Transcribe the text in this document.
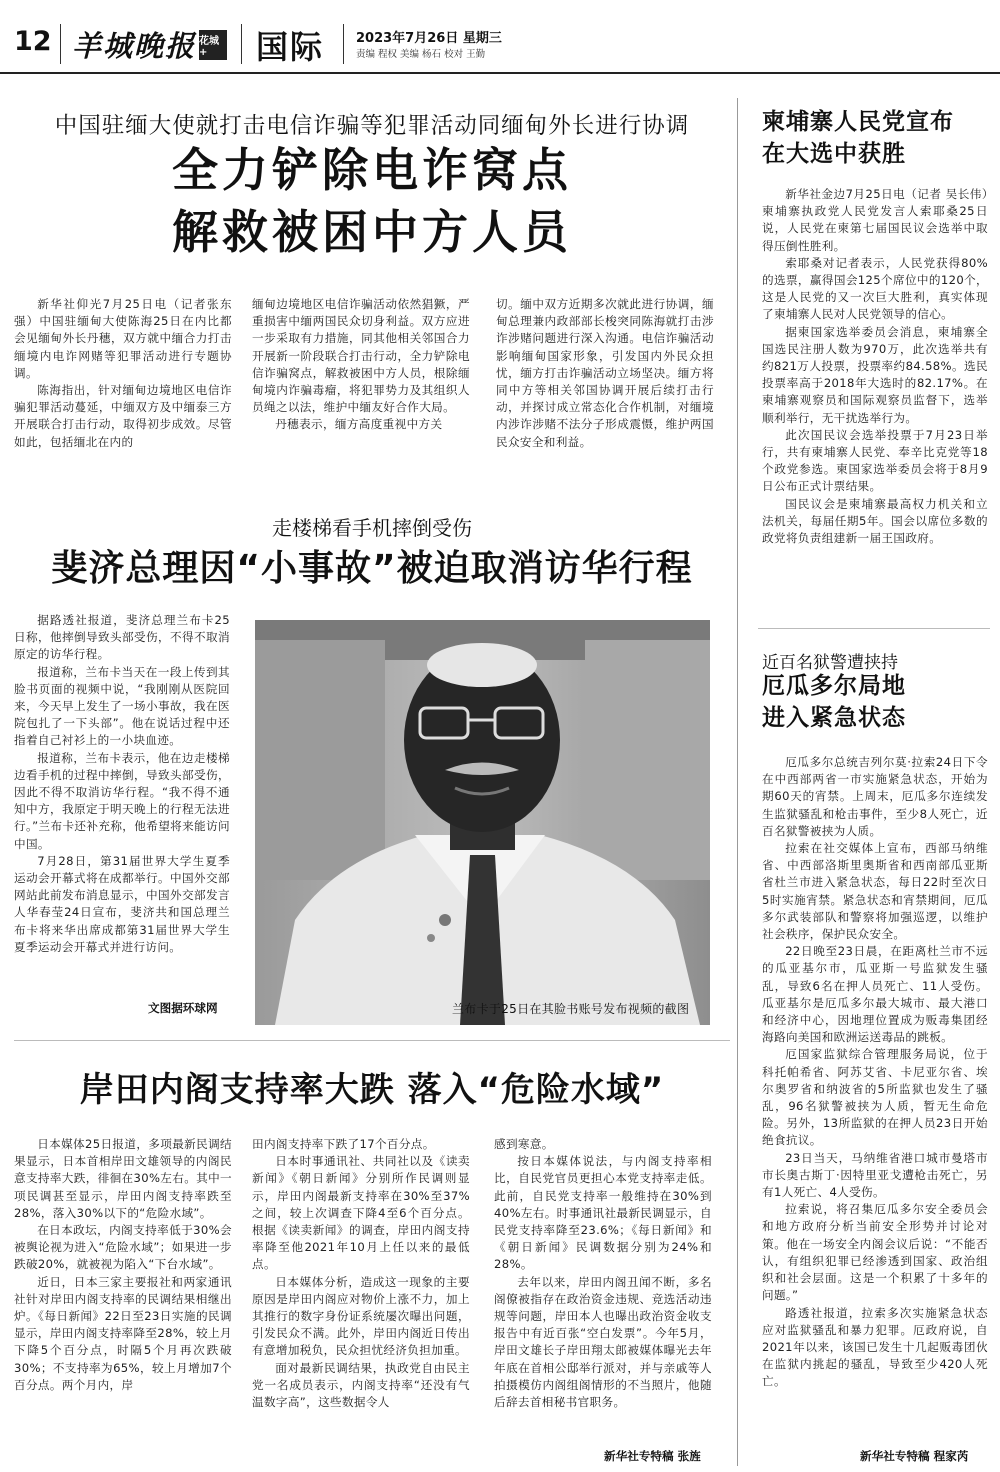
12 羊城晚报 花城+	国际 2023年7月26日 星期三
责编 程权 美编 杨石 校对 王勤
中国驻缅大使就打击电信诈骗等犯罪活动同缅甸外长进行协调
全力铲除电诈窝点
解救被困中方人员

新华社仰光7月25日电（记者张东强）中国驻缅甸大使陈海25日在内比都会见缅甸外长丹穗，双方就中缅合力打击缅境内电诈网赌等犯罪活动进行专题协调。

陈海指出，针对缅甸边境地区电信诈骗犯罪活动蔓延，中缅双方及中缅泰三方开展联合打击行动，取得初步成效。尽管如此，包括缅北在内的

缅甸边境地区电信诈骗活动依然猖獗，严重损害中缅两国民众切身利益。双方应进一步采取有力措施，同其他相关邻国合力开展新一阶段联合打击行动，全力铲除电信诈骗窝点，解救被困中方人员，根除缅甸境内诈骗毒瘤，将犯罪势力及其组织人员绳之以法，维护中缅友好合作大局。

丹穗表示，缅方高度重视中方关

切。缅中双方近期多次就此进行协调，缅甸总理兼内政部部长梭突同陈海就打击涉诈涉赌问题进行深入沟通。电信诈骗活动影响缅甸国家形象，引发国内外民众担忧，缅方打击诈骗活动立场坚决。缅方将同中方等相关邻国协调开展后续打击行动，并探讨成立常态化合作机制，对缅境内涉诈涉赌不法分子形成震慑，维护两国民众安全和利益。

走楼梯看手机摔倒受伤
斐济总理因“小事故”被迫取消访华行程

据路透社报道，斐济总理兰布卡25日称，他摔倒导致头部受伤，不得不取消原定的访华行程。

报道称，兰布卡当天在一段上传到其脸书页面的视频中说，“我刚刚从医院回来，今天早上发生了一场小事故，我在医院包扎了一下头部”。他在说话过程中还指着自己衬衫上的一小块血迹。

报道称，兰布卡表示，他在边走楼梯边看手机的过程中摔倒，导致头部受伤，因此不得不取消访华行程。“我不得不通知中方，我原定于明天晚上的行程无法进行。”兰布卡还补充称，他希望将来能访问中国。

7月28日，第31届世界大学生夏季运动会开幕式将在成都举行。中国外交部网站此前发布消息显示，中国外交部发言人华春莹24日宣布，斐济共和国总理兰布卡将来华出席成都第31届世界大学生夏季运动会开幕式并进行访问。

文图据环球网	兰布卡于25日在其脸书账号发布视频的截图
岸田内阁支持率大跌 落入“危险水域”

日本媒体25日报道，多项最新民调结果显示，日本首相岸田文雄领导的内阁民意支持率大跌，徘徊在30%左右。其中一项民调甚至显示，岸田内阁支持率跌至28%，落入30%以下的“危险水域”。

在日本政坛，内阁支持率低于30%会被舆论视为进入“危险水域”；如果进一步跌破20%，就被视为陷入“下台水域”。

近日，日本三家主要报社和两家通讯社针对岸田内阁支持率的民调结果相继出炉。《每日新闻》22日至23日实施的民调显示，岸田内阁支持率降至28%，较上月下降5个百分点，时隔5个月再次跌破30%；不支持率为65%，较上月增加7个百分点。两个月内，岸

田内阁支持率下跌了17个百分点。

日本时事通讯社、共同社以及《读卖新闻》《朝日新闻》分别所作民调则显示，岸田内阁最新支持率在30%至37%之间，较上次调查下降4至6个百分点。根据《读卖新闻》的调查，岸田内阁支持率降至他2021年10月上任以来的最低点。

日本媒体分析，造成这一现象的主要原因是岸田内阁应对物价上涨不力，加上其推行的数字身份证系统屡次曝出问题，引发民众不满。此外，岸田内阁近日传出有意增加税负，民众担忧经济负担加重。

面对最新民调结果，执政党自由民主党一名成员表示，内阁支持率“还没有气温数字高”，这些数据令人

感到寒意。

按日本媒体说法，与内阁支持率相比，自民党官员更担心本党支持率走低。此前，自民党支持率一般维持在30%到40%左右。时事通讯社最新民调显示，自民党支持率降至23.6%；《每日新闻》和《朝日新闻》民调数据分别为24%和28%。

去年以来，岸田内阁丑闻不断，多名阁僚被指存在政治资金违规、竞选活动违规等问题，岸田本人也曝出政治资金收支报告中有近百张“空白发票”。今年5月，岸田文雄长子岸田翔太郎被媒体曝光去年年底在首相公邸举行派对，并与亲戚等人拍摄模仿内阁组阁情形的不当照片，他随后辞去首相秘书官职务。

新华社专特稿 张旌
柬埔寨人民党宣布
在大选中获胜

新华社金边7月25日电（记者 吴长伟）柬埔寨执政党人民党发言人索耶桑25日说，人民党在柬第七届国民议会选举中取得压倒性胜利。

索耶桑对记者表示，人民党获得80%的选票，赢得国会125个席位中的120个，这是人民党的又一次巨大胜利，真实体现了柬埔寨人民对人民党领导的信心。

据柬国家选举委员会消息，柬埔寨全国选民注册人数为970万，此次选举共有约821万人投票，投票率约84.58%。选民投票率高于2018年大选时的82.17%。在柬埔寨观察员和国际观察员监督下，选举顺利举行，无干扰选举行为。

此次国民议会选举投票于7月23日举行，共有柬埔寨人民党、奉辛比克党等18个政党参选。柬国家选举委员会将于8月9日公布正式计票结果。

国民议会是柬埔寨最高权力机关和立法机关，每届任期5年。国会以席位多数的政党将负责组建新一届王国政府。

近百名狱警遭挟持
厄瓜多尔局地
进入紧急状态

厄瓜多尔总统吉列尔莫·拉索24日下令在中西部两省一市实施紧急状态，开始为期60天的宵禁。上周末，厄瓜多尔连续发生监狱骚乱和枪击事件，至少8人死亡，近百名狱警被挟为人质。

拉索在社交媒体上宣布，西部马纳维省、中西部洛斯里奥斯省和西南部瓜亚斯省杜兰市进入紧急状态，每日22时至次日5时实施宵禁。紧急状态和宵禁期间，厄瓜多尔武装部队和警察将加强巡逻，以维护社会秩序，保护民众安全。

22日晚至23日晨，在距离杜兰市不远的瓜亚基尔市，瓜亚斯一号监狱发生骚乱，导致6名在押人员死亡、11人受伤。瓜亚基尔是厄瓜多尔最大城市、最大港口和经济中心，因地理位置成为贩毒集团经海路向美国和欧洲运送毒品的跳板。

厄国家监狱综合管理服务局说，位于科托帕希省、阿苏艾省、卡尼亚尔省、埃尔奥罗省和纳波省的5所监狱也发生了骚乱，96名狱警被挟为人质，暂无生命危险。另外，13所监狱的在押人员23日开始绝食抗议。

23日当天，马纳维省港口城市曼塔市市长奥古斯丁·因特里亚戈遭枪击死亡，另有1人死亡、4人受伤。

拉索说，将召集厄瓜多尔安全委员会和地方政府分析当前安全形势并讨论对策。他在一场安全内阁会议后说：“不能否认，有组织犯罪已经渗透到国家、政治组织和社会层面。这是一个积累了十多年的问题。”

路透社报道，拉索多次实施紧急状态应对监狱骚乱和暴力犯罪。厄政府说，自2021年以来，该国已发生十几起贩毒团伙在监狱内挑起的骚乱，导致至少420人死亡。

新华社专特稿 程家芮
